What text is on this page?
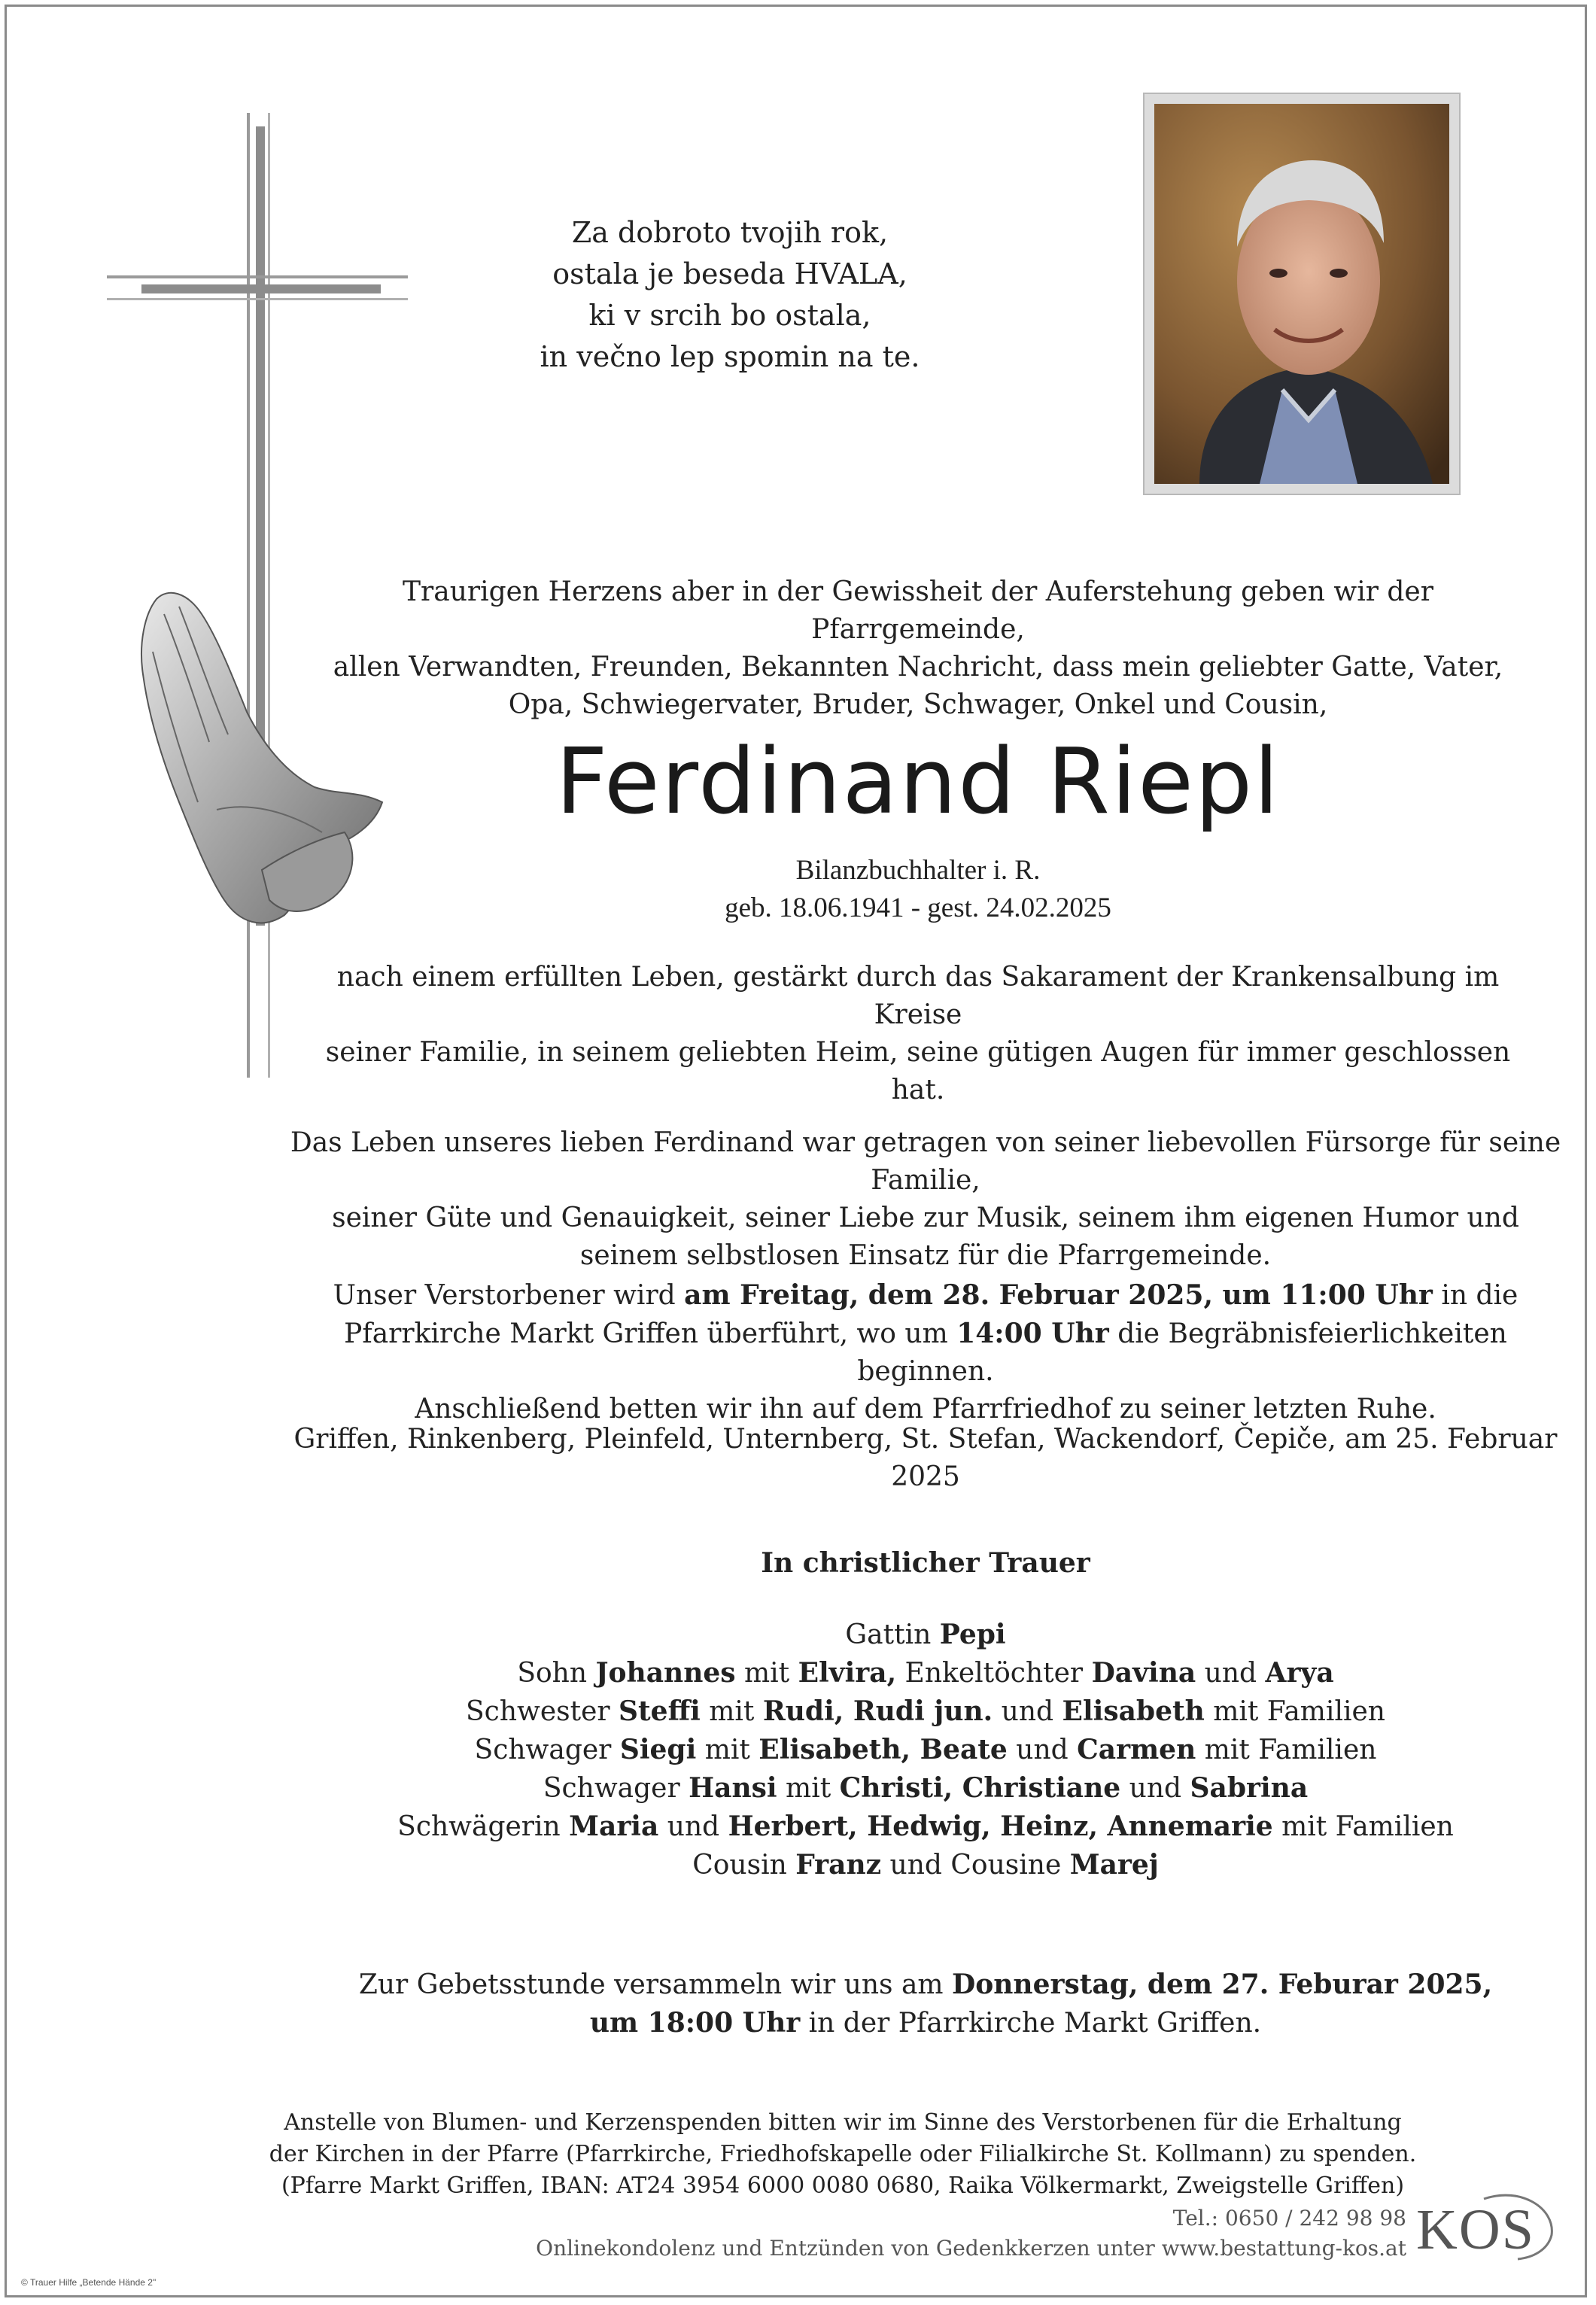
Za dobroto tvojih rok,
ostala je beseda HVALA,
ki v srcih bo ostala,
in večno lep spomin na te.
Traurigen Herzens aber in der Gewissheit der Auferstehung geben wir der Pfarrgemeinde,
allen Verwandten, Freunden, Bekannten Nachricht, dass mein geliebter Gatte, Vater,
Opa, Schwiegervater, Bruder, Schwager, Onkel und Cousin,
Ferdinand Riepl
Bilanzbuchhalter i. R.
geb. 18.06.1941 - gest. 24.02.2025
nach einem erfüllten Leben, gestärkt durch das Sakarament der Krankensalbung im Kreise
seiner Familie, in seinem geliebten Heim, seine gütigen Augen für immer geschlossen hat.
Das Leben unseres lieben Ferdinand war getragen von seiner liebevollen Fürsorge für seine Familie,
seiner Güte und Genauigkeit, seiner Liebe zur Musik, seinem ihm eigenen Humor und
seinem selbstlosen Einsatz für die Pfarrgemeinde.
Unser Verstorbener wird am Freitag, dem 28. Februar 2025, um 11:00 Uhr in die
Pfarrkirche Markt Griffen überführt, wo um 14:00 Uhr die Begräbnisfeierlichkeiten beginnen.
Anschließend betten wir ihn auf dem Pfarrfriedhof zu seiner letzten Ruhe.
Griffen, Rinkenberg, Pleinfeld, Unternberg, St. Stefan, Wackendorf, Čepiče, am 25. Februar 2025
In christlicher Trauer
Gattin Pepi
Sohn Johannes mit Elvira, Enkeltöchter Davina und Arya
Schwester Steffi mit Rudi, Rudi jun. und Elisabeth mit Familien
Schwager Siegi mit Elisabeth, Beate und Carmen mit Familien
Schwager Hansi mit Christi, Christiane und Sabrina
Schwägerin Maria und Herbert, Hedwig, Heinz, Annemarie mit Familien
Cousin Franz und Cousine Marej
Zur Gebetsstunde versammeln wir uns am Donnerstag, dem 27. Feburar 2025,
um 18:00 Uhr in der Pfarrkirche Markt Griffen.
Anstelle von Blumen- und Kerzenspenden bitten wir im Sinne des Verstorbenen für die Erhaltung
der Kirchen in der Pfarre (Pfarrkirche, Friedhofskapelle oder Filialkirche St. Kollmann) zu spenden.
(Pfarre Markt Griffen, IBAN: AT24 3954 6000 0080 0680, Raika Völkermarkt, Zweigstelle Griffen)
Tel.: 0650 / 242 98 98
Onlinekondolenz und Entzünden von Gedenkkerzen unter www.bestattung-kos.at KOS
© Trauer Hilfe „Betende Hände 2"
